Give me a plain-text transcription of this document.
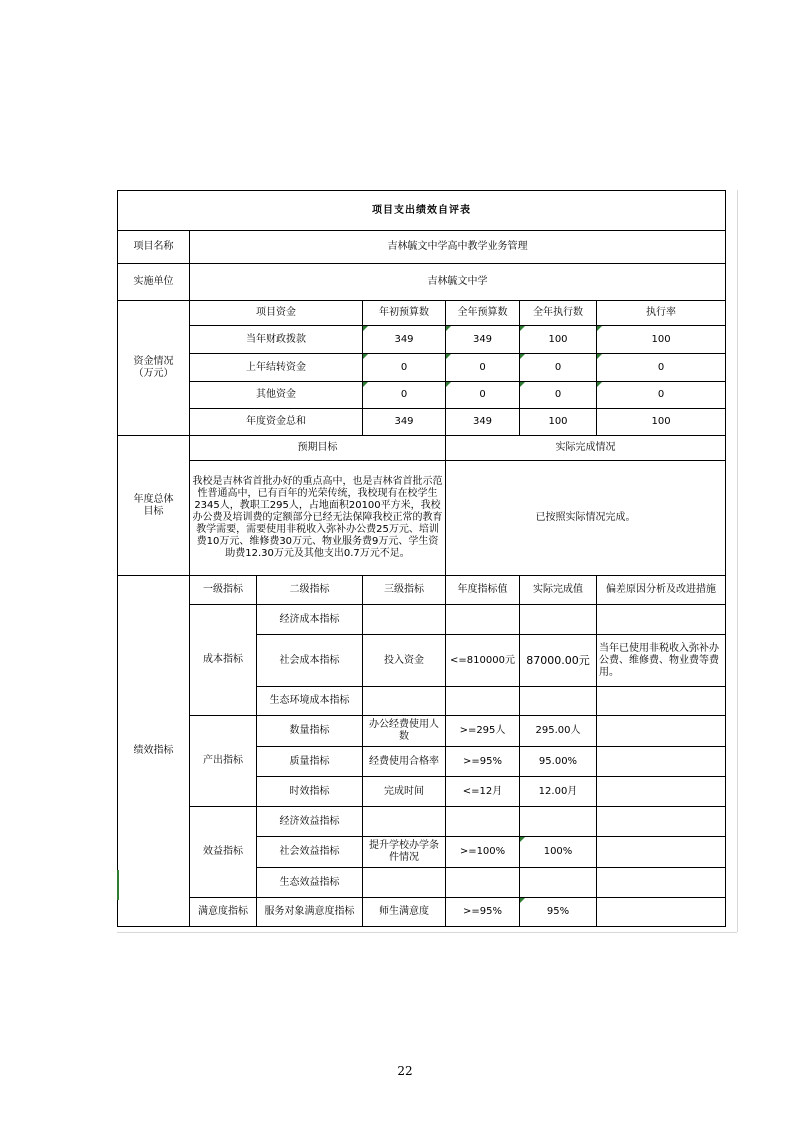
项目支出绩效自评表						
项目名称	吉林毓文中学高中教学业务管理					
实施单位	吉林毓文中学					
资金情况
（万元）	项目资金		年初预算数	全年预算数	全年执行数	执行率
	当年财政拨款		349	349	100	100
	上年结转资金		0	0	0	0
	其他资金		0	0	0	0
	年度资金总和		349	349	100	100
年度总体
目标	预期目标			实际完成情况		
	我校是吉林省首批办好的重点高中，也是吉林省首批示范性普通高中，已有百年的光荣传统，我校现有在校学生2345人，教职工295人，占地面积20100平方米，我校办公费及培训费的定额部分已经无法保障我校正常的教育教学需要，需要使用非税收入弥补办公费25万元、培训费10万元、维修费30万元、物业服务费9万元、学生资助费12.30万元及其他支出0.7万元不足。			已按照实际情况完成。		
绩效指标	一级指标	二级指标	三级指标	年度指标值	实际完成值	偏差原因分析及改进措施
	成本指标	经济成本指标				
		社会成本指标	投入资金	<=810000元	87000.00元	当年已使用非税收入弥补办公费、维修费、物业费等费用。
		生态环境成本指标				
	产出指标	数量指标	办公经费使用人数	>=295人	295.00人	
		质量指标	经费使用合格率	>=95%	95.00%	
		时效指标	完成时间	<=12月	12.00月	
	效益指标	经济效益指标				
		社会效益指标	提升学校办学条件情况	>=100%	100%	
		生态效益指标				
	满意度指标	服务对象满意度指标	师生满意度	>=95%	95%	
22
